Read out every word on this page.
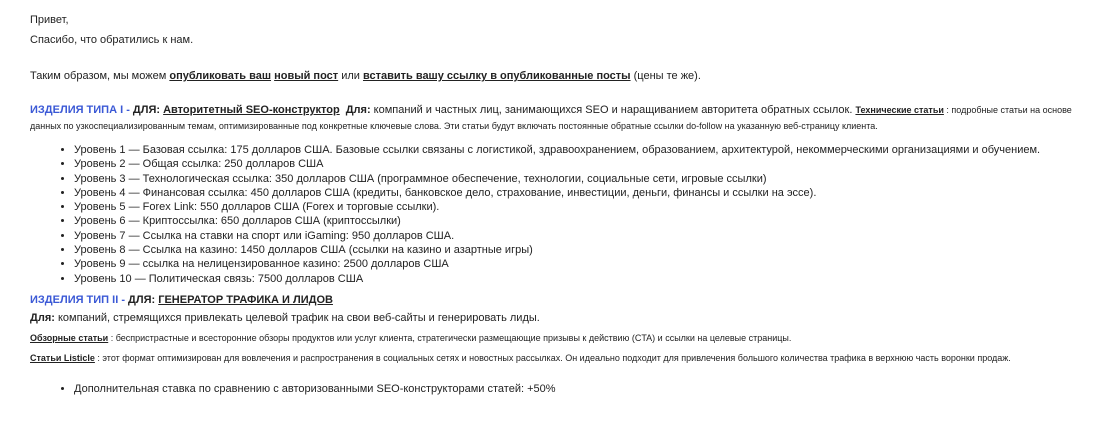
Привет,
Спасибо, что обратились к нам.
Таким образом, мы можем опубликовать ваш новый пост или вставить вашу ссылку в опубликованные посты (цены те же).
ИЗДЕЛИЯ ТИПА I - ДЛЯ: Авторитетный SEO-конструктор Для: компаний и частных лиц, занимающихся SEO и наращиванием авторитета обратных ссылок. Технические статьи : подробные статьи на основе данных по узкоспециализированным темам, оптимизированные под конкретные ключевые слова. Эти статьи будут включать постоянные обратные ссылки do-follow на указанную веб-страницу клиента.
• Уровень 1 — Базовая ссылка: 175 долларов США. Базовые ссылки связаны с логистикой, здравоохранением, образованием, архитектурой, некоммерческими организациями и обучением.
• Уровень 2 — Общая ссылка: 250 долларов США
• Уровень 3 — Технологическая ссылка: 350 долларов США (программное обеспечение, технологии, социальные сети, игровые ссылки)
• Уровень 4 — Финансовая ссылка: 450 долларов США (кредиты, банковское дело, страхование, инвестиции, деньги, финансы и ссылки на эссе).
• Уровень 5 — Forex Link: 550 долларов США (Forex и торговые ссылки).
• Уровень 6 — Криптоссылка: 650 долларов США (криптоссылки)
• Уровень 7 — Ссылка на ставки на спорт или iGaming: 950 долларов США.
• Уровень 8 — Ссылка на казино: 1450 долларов США (ссылки на казино и азартные игры)
• Уровень 9 — ссылка на нелицензированное казино: 2500 долларов США
• Уровень 10 — Политическая связь: 7500 долларов США
ИЗДЕЛИЯ ТИП II - ДЛЯ: ГЕНЕРАТОР ТРАФИКА И ЛИДОВ
Для: компаний, стремящихся привлекать целевой трафик на свои веб-сайты и генерировать лиды.
Обзорные статьи : беспристрастные и всесторонние обзоры продуктов или услуг клиента, стратегически размещающие призывы к действию (CTA) и ссылки на целевые страницы.
Статьи Listicle : этот формат оптимизирован для вовлечения и распространения в социальных сетях и новостных рассылках. Он идеально подходит для привлечения большого количества трафика в верхнюю часть воронки продаж.
• Дополнительная ставка по сравнению с авторизованными SEO-конструкторами статей: +50%
